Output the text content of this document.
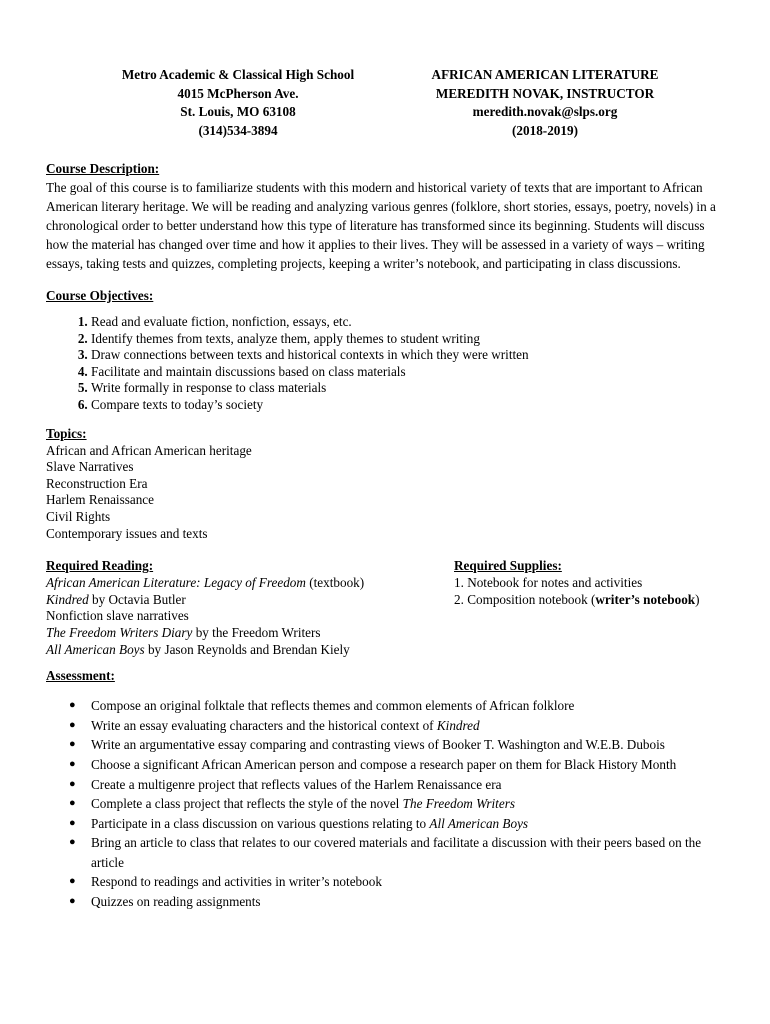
Metro Academic & Classical High School
4015 McPherson Ave.
St. Louis, MO 63108
(314)534-3894
AFRICAN AMERICAN LITERATURE
MEREDITH NOVAK, INSTRUCTOR
meredith.novak@slps.org
(2018-2019)
Course Description:

The goal of this course is to familiarize students with this modern and historical variety of texts that are important to African American literary heritage. We will be reading and analyzing various genres (folklore, short stories, essays, poetry, novels) in a chronological order to better understand how this type of literature has transformed since its beginning. Students will discuss how the material has changed over time and how it applies to their lives. They will be assessed in a variety of ways – writing essays, taking tests and quizzes, completing projects, keeping a writer’s notebook, and participating in class discussions.

Course Objectives:
1. Read and evaluate fiction, nonfiction, essays, etc.
2. Identify themes from texts, analyze them, apply themes to student writing
3. Draw connections between texts and historical contexts in which they were written
4. Facilitate and maintain discussions based on class materials
5. Write formally in response to class materials
6. Compare texts to today’s society
Topics:
African and African American heritage
Slave Narratives
Reconstruction Era
Harlem Renaissance
Civil Rights
Contemporary issues and texts
Required Reading:
African American Literature: Legacy of Freedom (textbook)
Kindred by Octavia Butler
Nonfiction slave narratives
The Freedom Writers Diary by the Freedom Writers
All American Boys by Jason Reynolds and Brendan Kiely
Required Supplies:
1. Notebook for notes and activities
2. Composition notebook (writer’s notebook)
Assessment:
● Compose an original folktale that reflects themes and common elements of African folklore
● Write an essay evaluating characters and the historical context of Kindred
● Write an argumentative essay comparing and contrasting views of Booker T. Washington and W.E.B. Dubois
● Choose a significant African American person and compose a research paper on them for Black History Month
● Create a multigenre project that reflects values of the Harlem Renaissance era
● Complete a class project that reflects the style of the novel The Freedom Writers
● Participate in a class discussion on various questions relating to All American Boys
● Bring an article to class that relates to our covered materials and facilitate a discussion with their peers based on the article
● Respond to readings and activities in writer’s notebook
● Quizzes on reading assignments
